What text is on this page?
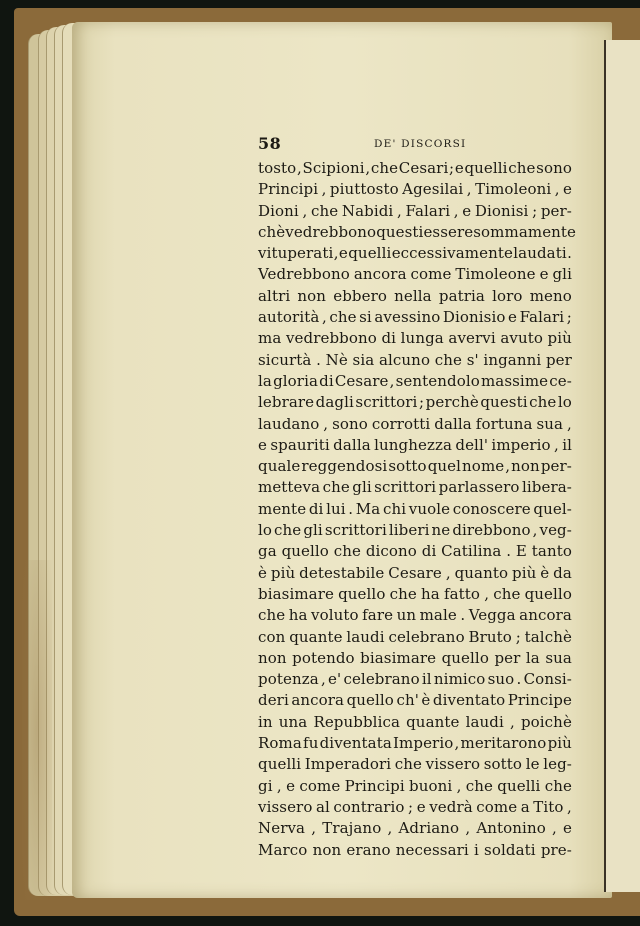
58	DE' DISCORSI
tosto , Scipioni , che Cesari ; e quelli che sono
Principi , piuttosto Agesilai , Timoleoni , e
Dioni , che Nabidi , Falari , e Dionisi ; per-
chè vedrebbono questi essere sommamente
vituperati , e quelli eccessivamente laudati .
Vedrebbono ancora come Timoleone e gli
altri non ebbero nella patria loro meno
autorità , che si avessino Dionisio e Falari ;
ma vedrebbono di lunga avervi avuto più
sicurtà . Nè sia alcuno che s' inganni per
la gloria di Cesare , sentendolo massime ce-
lebrare dagli scrittori ; perchè questi che lo
laudano , sono corrotti dalla fortuna sua ,
e spauriti dalla lunghezza dell' imperio , il
quale reggendosi sotto quel nome , non per-
metteva che gli scrittori parlassero libera-
mente di lui . Ma chi vuole conoscere quel-
lo che gli scrittori liberi ne direbbono , veg-
ga quello che dicono di Catilina . E tanto
è più detestabile Cesare , quanto più è da
biasimare quello che ha fatto , che quello
che ha voluto fare un male . Vegga ancora
con quante laudi celebrano Bruto ; talchè
non potendo biasimare quello per la sua
potenza , e' celebrano il nimico suo . Consi-
deri ancora quello ch' è diventato Principe
in una Repubblica quante laudi , poichè
Roma fu diventata Imperio , meritarono più
quelli Imperadori che vissero sotto le leg-
gi , e come Principi buoni , che quelli che
vissero al contrario ; e vedrà come a Tito ,
Nerva , Trajano , Adriano , Antonino , e
Marco non erano necessari i soldati pre-
